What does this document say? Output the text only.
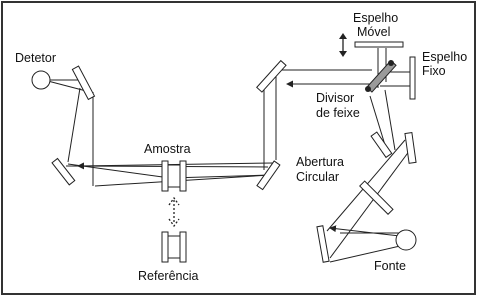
Detetor
Espelho
Móvel
Espelho
Fixo
Divisor
de feixe
Amostra
Abertura
Circular
Referência
Fonte
